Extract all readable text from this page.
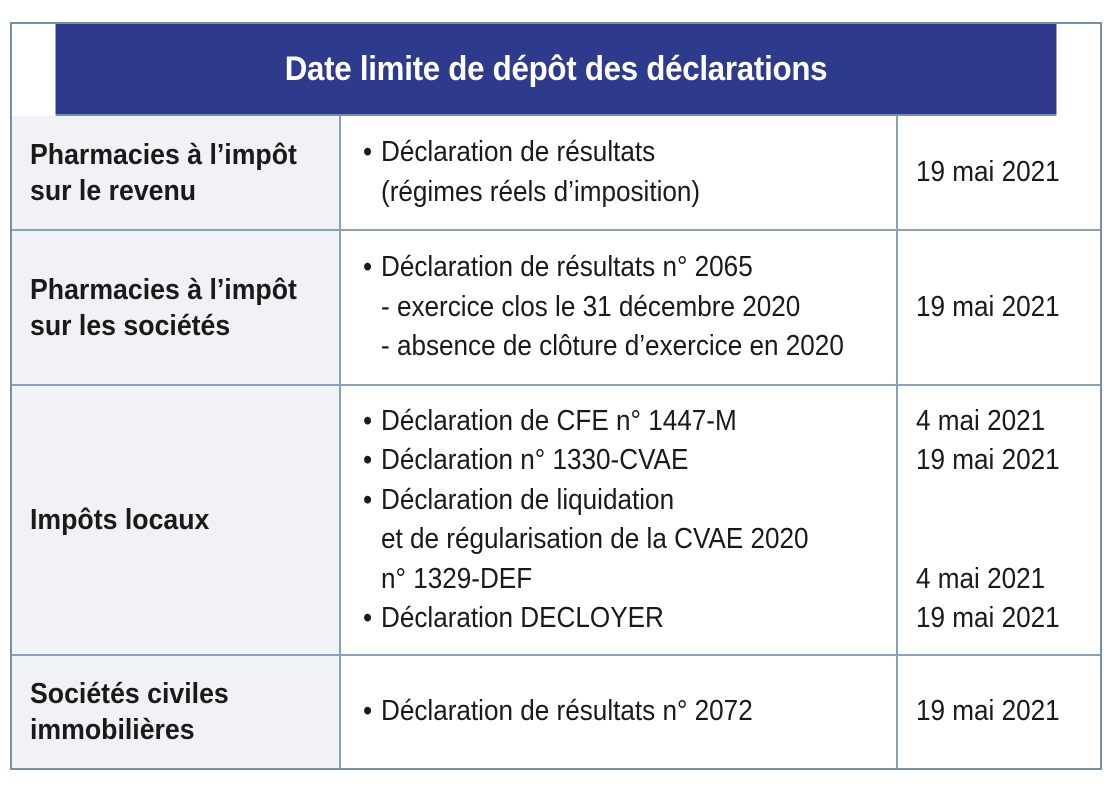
Date limite de dépôt des déclarations
Pharmacies à l’impôt
sur le revenu
• Déclaration de résultats
(régimes réels d’imposition)
19 mai 2021
Pharmacies à l’impôt
sur les sociétés
• Déclaration de résultats n° 2065
- exercice clos le 31 décembre 2020
- absence de clôture d’exercice en 2020
19 mai 2021
Impôts locaux
• Déclaration de CFE n° 1447-M
• Déclaration n° 1330-CVAE
• Déclaration de liquidation
et de régularisation de la CVAE 2020
n° 1329-DEF
• Déclaration DECLOYER
4 mai 2021
19 mai 2021
4 mai 2021
19 mai 2021
Sociétés civiles
immobilières
• Déclaration de résultats n° 2072	19 mai 2021
